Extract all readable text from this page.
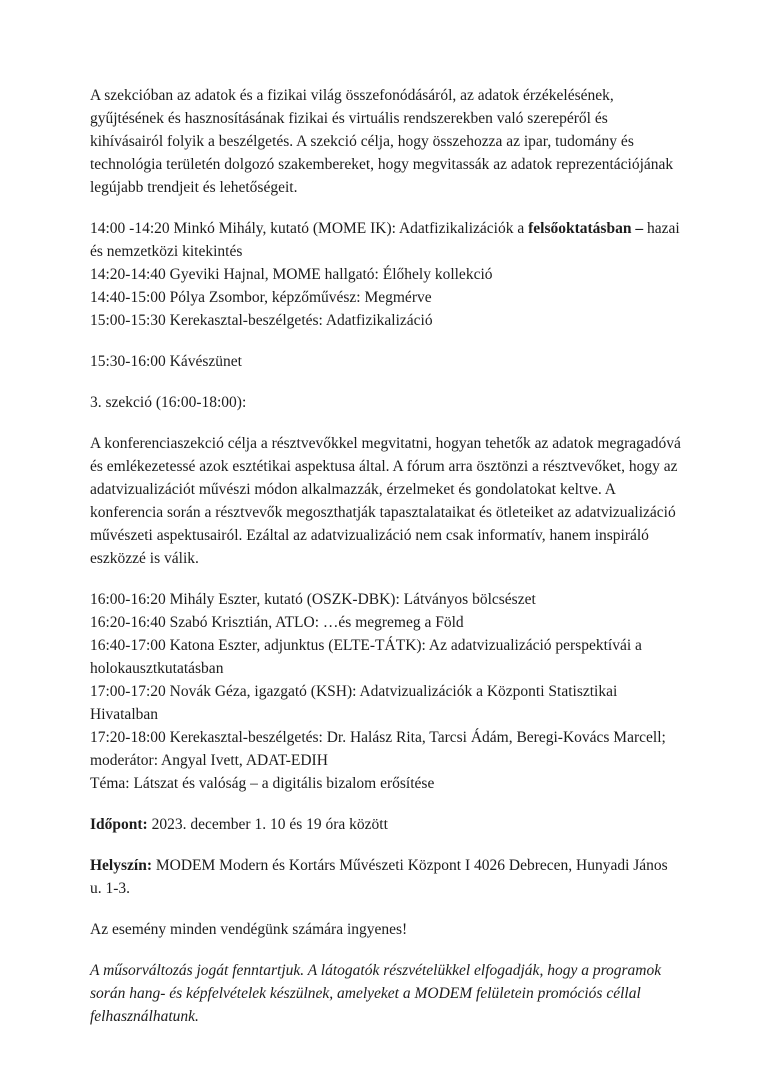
A szekcióban az adatok és a fizikai világ összefonódásáról, az adatok érzékelésének, gyűjtésének és hasznosításának fizikai és virtuális rendszerekben való szerepéről és kihívásairól folyik a beszélgetés. A szekció célja, hogy összehozza az ipar, tudomány és technológia területén dolgozó szakembereket, hogy megvitassák az adatok reprezentációjának legújabb trendjeit és lehetőségeit.

14:00 -14:20 Minkó Mihály, kutató (MOME IK): Adatfizikalizációk a felsőoktatásban – hazai és nemzetközi kitekintés

14:20-14:40 Gyeviki Hajnal, MOME hallgató: Élőhely kollekció

14:40-15:00 Pólya Zsombor, képzőművész: Megmérve

15:00-15:30 Kerekasztal-beszélgetés: Adatfizikalizáció

15:30-16:00 Kávészünet

3. szekció (16:00-18:00):

A konferenciaszekció célja a résztvevőkkel megvitatni, hogyan tehetők az adatok megragadóvá és emlékezetessé azok esztétikai aspektusa által. A fórum arra ösztönzi a résztvevőket, hogy az adatvizualizációt művészi módon alkalmazzák, érzelmeket és gondolatokat keltve. A konferencia során a résztvevők megoszthatják tapasztalataikat és ötleteiket az adatvizualizáció művészeti aspektusairól. Ezáltal az adatvizualizáció nem csak informatív, hanem inspiráló eszközzé is válik.

16:00-16:20 Mihály Eszter, kutató (OSZK-DBK): Látványos bölcsészet

16:20-16:40 Szabó Krisztián, ATLO: …és megremeg a Föld

16:40-17:00 Katona Eszter, adjunktus (ELTE-TÁTK): Az adatvizualizáció perspektívái a holokausztkutatásban

17:00-17:20 Novák Géza, igazgató (KSH): Adatvizualizációk a Központi Statisztikai Hivatalban

17:20-18:00 Kerekasztal-beszélgetés: Dr. Halász Rita, Tarcsi Ádám, Beregi-Kovács Marcell; moderátor: Angyal Ivett, ADAT-EDIH

Téma: Látszat és valóság – a digitális bizalom erősítése

Időpont: 2023. december 1. 10 és 19 óra között

Helyszín: MODEM Modern és Kortárs Művészeti Központ I 4026 Debrecen, Hunyadi János u. 1-3.

Az esemény minden vendégünk számára ingyenes!

A műsorváltozás jogát fenntartjuk. A látogatók részvételükkel elfogadják, hogy a programok során hang- és képfelvételek készülnek, amelyeket a MODEM felületein promóciós céllal felhasználhatunk.
